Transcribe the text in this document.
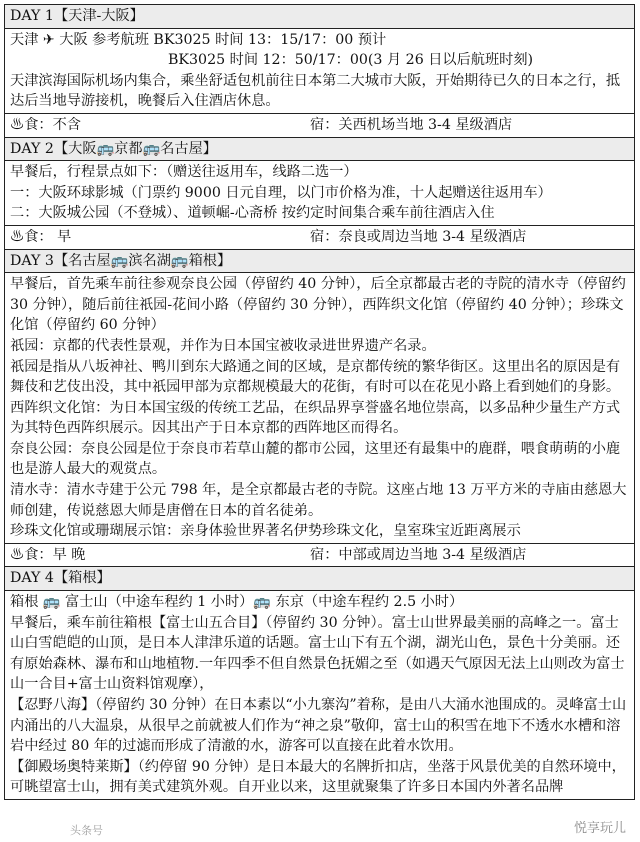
DAY 1【天津-大阪】

天津 ✈ 大阪 参考航班 BK3025 时间 13：15/17：00 预计
BK3025 时间 12：50/17：00(3 月 26 日以后航班时刻)
天津滨海国际机场内集合，乘坐舒适包机前往日本第二大城市大阪，开始期待已久的日本之行，抵达后当地导游接机，晚餐后入住酒店休息。

♨食：不含	宿：关西机场当地 3-4 星级酒店

DAY 2【大阪🚌京都🚌名古屋】

早餐后，行程景点如下：（赠送往返用车，线路二选一）
一：大阪环球影城（门票约 9000 日元自理，以门市价格为准，十人起赠送往返用车）
二：大阪城公园（不登城）、道顿崛-心斋桥 按约定时间集合乘车前往酒店入住

♨食： 早	宿：奈良或周边当地 3-4 星级酒店

DAY 3【名古屋🚌滨名湖🚌箱根】

早餐后，首先乘车前往参观奈良公园（停留约 40 分钟），后全京都最古老的寺院的清水寺（停留约 30 分钟），随后前往祇园-花间小路（停留约 30 分钟），西阵织文化馆（停留约 40 分钟）；珍珠文化馆（停留约 60 分钟）
祇园：京都的代表性景观，并作为日本国宝被收录进世界遗产名录。
祇园是指从八坂神社、鸭川到东大路通之间的区域，是京都传统的繁华街区。这里出名的原因是有舞伎和艺伎出没，其中祇园甲部为京都规模最大的花街，有时可以在花见小路上看到她们的身影。
西阵织文化馆：为日本国宝级的传统工艺品，在织品界享誉盛名地位崇高，以多品种少量生产方式为其特色西阵织展示。因其出产于日本京都的西阵地区而得名。
奈良公园：奈良公园是位于奈良市若草山麓的都市公园，这里还有最集中的鹿群，喂食萌萌的小鹿也是游人最大的观赏点。
清水寺：清水寺建于公元 798 年，是全京都最古老的寺院。这座占地 13 万平方米的寺庙由慈恩大师创建，传说慈恩大师是唐僧在日本的首名徒弟。
珍珠文化馆或珊瑚展示馆：亲身体验世界著名伊势珍珠文化，皇室珠宝近距离展示

♨食：早 晚	宿：中部或周边当地 3-4 星级酒店

DAY 4【箱根】

箱根 🚌 富士山（中途车程约 1 小时）🚌 东京（中途车程约 2.5 小时）
早餐后，乘车前往箱根【富士山五合目】（停留约 30 分钟）。富士山世界最美丽的高峰之一。富士山白雪皑皑的山顶，是日本人津津乐道的话题。富士山下有五个湖，湖光山色，景色十分美丽。还有原始森林、瀑布和山地植物.一年四季不但自然景色抚媚之至（如遇天气原因无法上山则改为富士山一合目+富士山资料馆观摩），
【忍野八海】（停留约 30 分钟）在日本素以“小九寨沟”着称，是由八大涌水池围成的。灵峰富士山内涌出的八大温泉，从很早之前就被人们作为“神之泉”敬仰，富士山的积雪在地下不透水水槽和溶岩中经过 80 年的过滤而形成了清澈的水，游客可以直接在此着水饮用。
【御殿场奥特莱斯】（约停留 90 分钟）是日本最大的名牌折扣店，坐落于风景优美的自然环境中，可眺望富士山，拥有美式建筑外观。自开业以来，这里就聚集了许多日本国内外著名品牌
头条号	悦享玩儿
